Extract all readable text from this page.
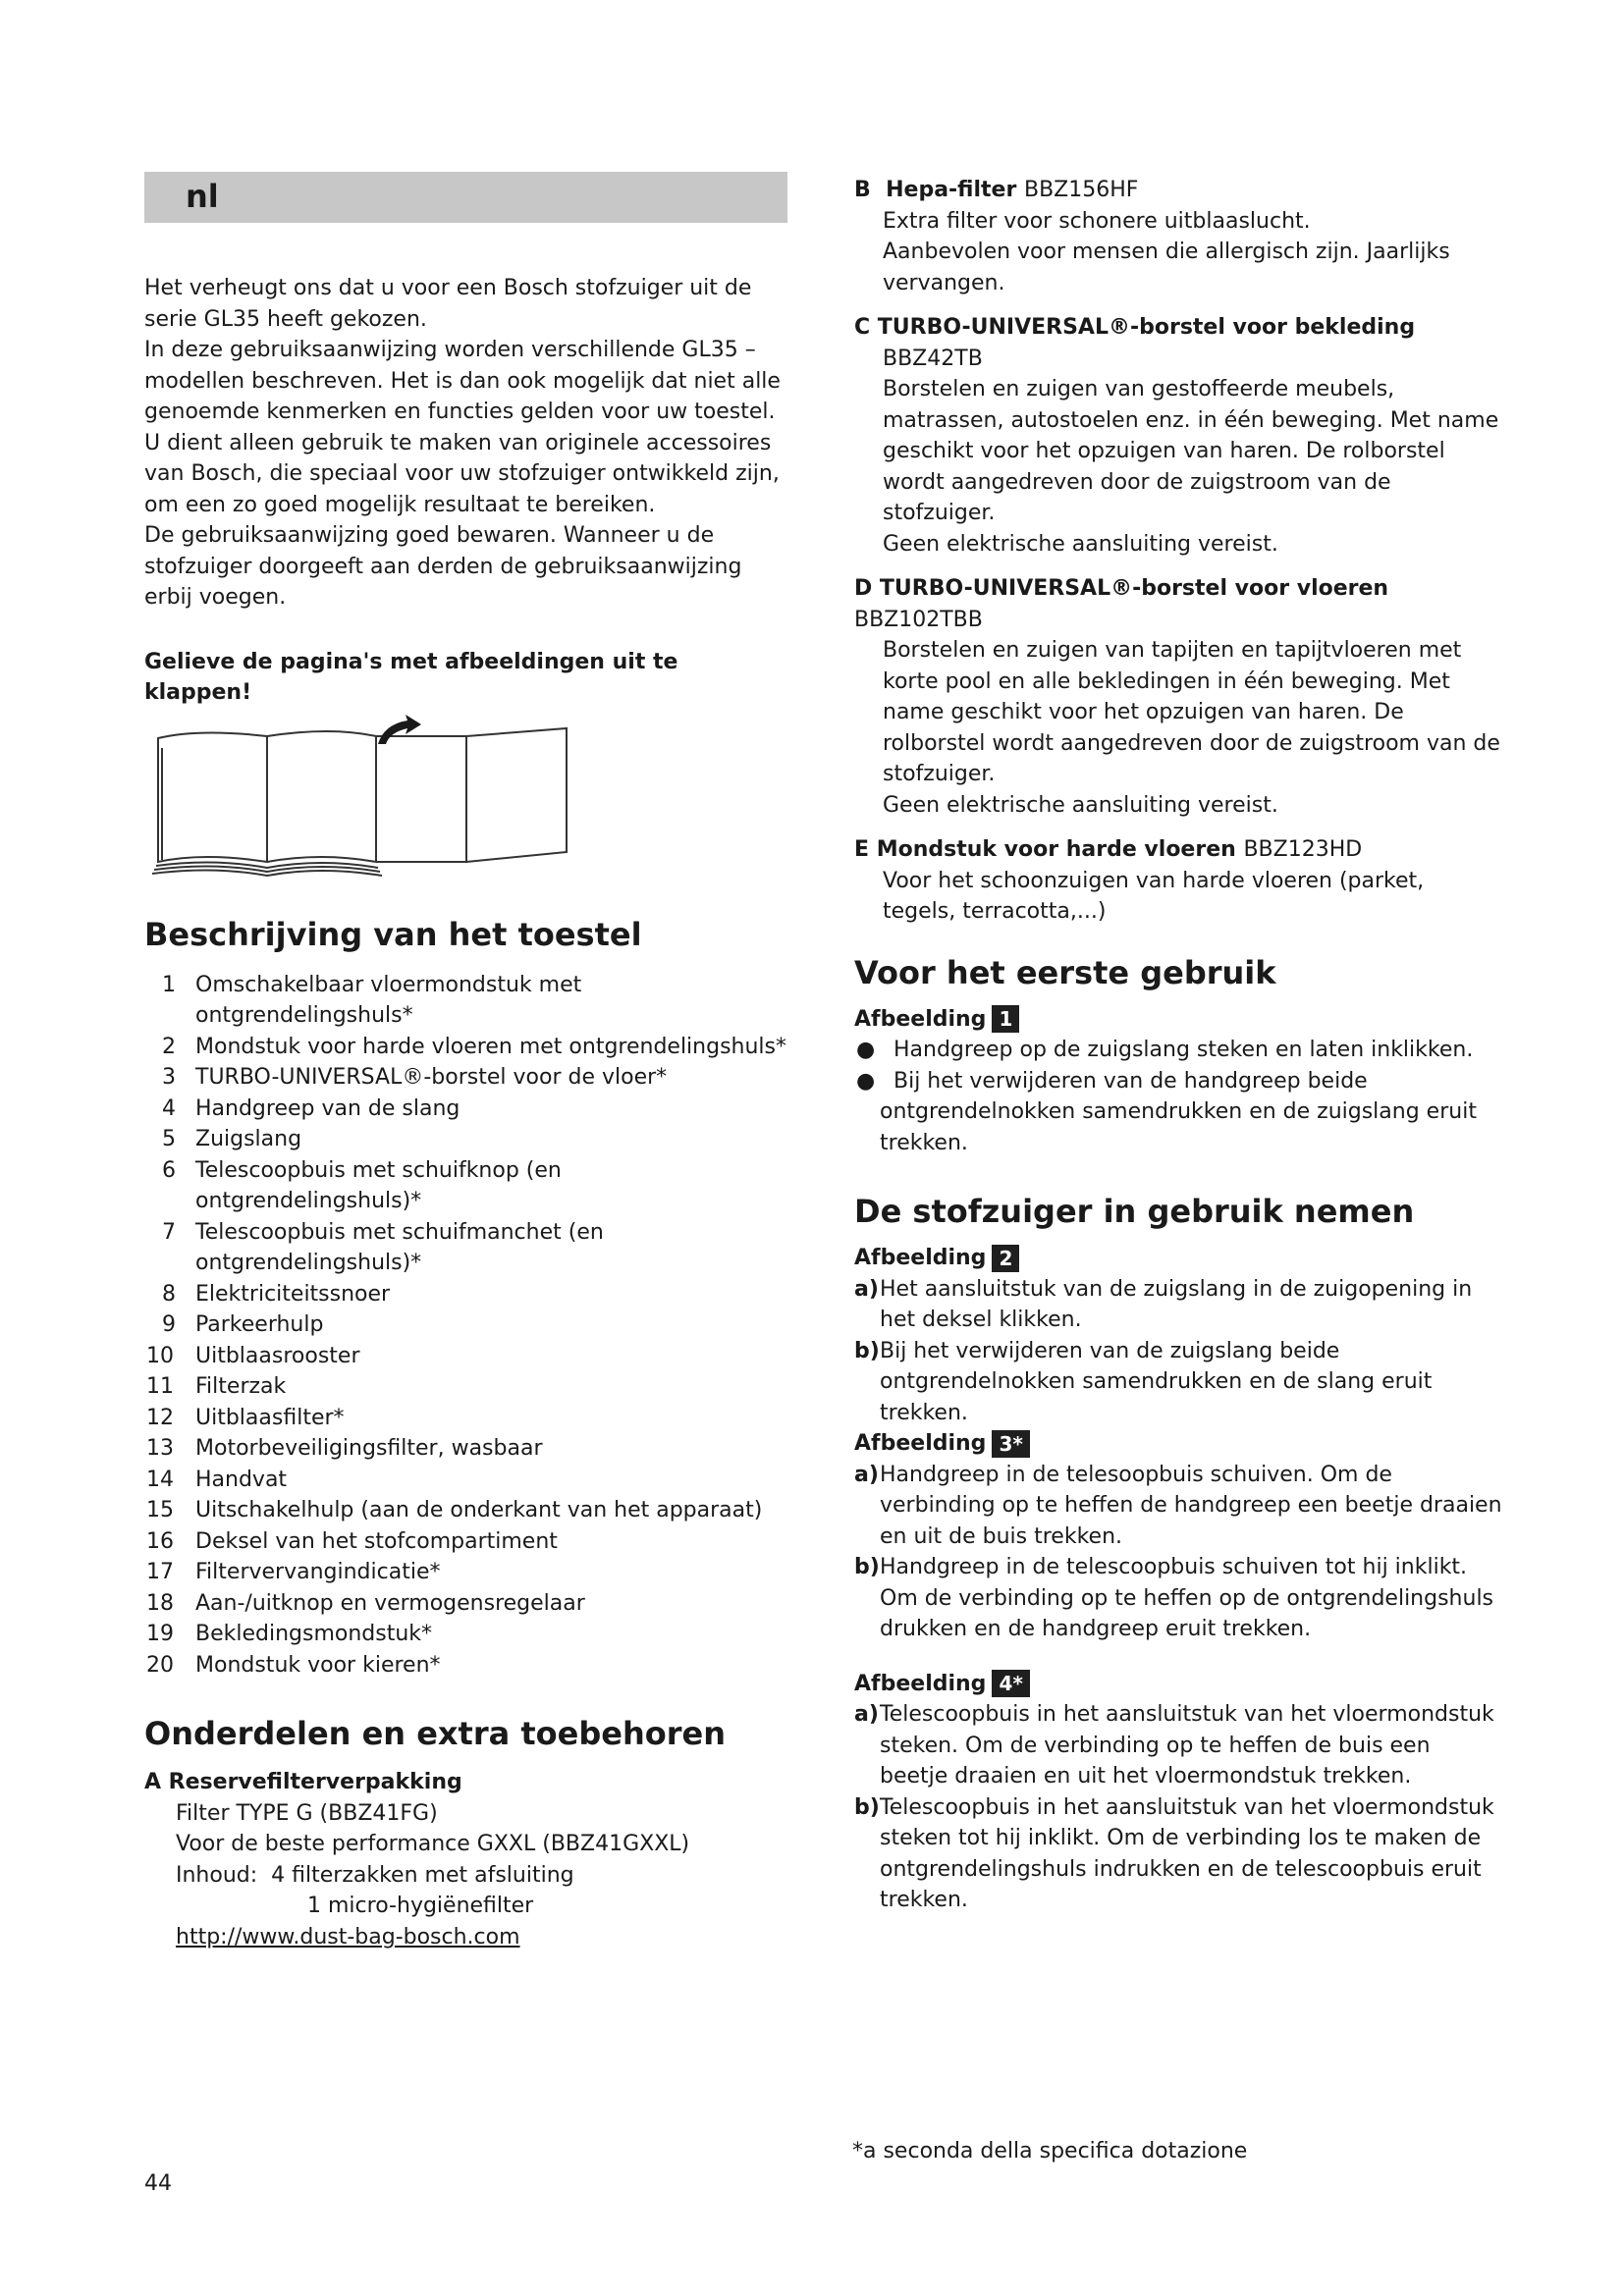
nl

Het verheugt ons dat u voor een Bosch stofzuiger uit de serie GL35 heeft gekozen.

In deze gebruiksaanwijzing worden verschillende GL35 – modellen beschreven. Het is dan ook mogelijk dat niet alle genoemde kenmerken en functies gelden voor uw toestel. U dient alleen gebruik te maken van originele accessoires van Bosch, die speciaal voor uw stofzuiger ontwikkeld zijn, om een zo goed mogelijk resultaat te bereiken.

De gebruiksaanwijzing goed bewaren. Wanneer u de stofzuiger doorgeeft aan derden de gebruiksaanwijzing erbij voegen.

Gelieve de pagina's met afbeeldingen uit te klappen!

Beschrijving van het toestel
1 Omschakelbaar vloermondstuk met ontgrendelingshuls*
2 Mondstuk voor harde vloeren met ontgrendelingshuls*
3 TURBO-UNIVERSAL®-borstel voor de vloer*
4 Handgreep van de slang
5 Zuigslang
6 Telescoopbuis met schuifknop (en ontgrendelingshuls)*
7 Telescoopbuis met schuifmanchet (en ontgrendelingshuls)*
8 Elektriciteitssnoer
9 Parkeerhulp
10 Uitblaasrooster
11 Filterzak
12 Uitblaasfilter*
13 Motorbeveiligingsfilter, wasbaar
14 Handvat
15 Uitschakelhulp (aan de onderkant van het apparaat)
16 Deksel van het stofcompartiment
17 Filtervervangindicatie*
18 Aan-/uitknop en vermogensregelaar
19 Bekledingsmondstuk*
20 Mondstuk voor kieren*
Onderdelen en extra toebehoren
A Reservefilterverpakking

Filter TYPE G (BBZ41FG)

Voor de beste performance GXXL (BBZ41GXXL)

Inhoud: 4 filterzakken met afsluiting

1 micro-hygiënefilter

http://www.dust-bag-bosch.com

B Hepa-filter BBZ156HF

Extra filter voor schonere uitblaaslucht.

Aanbevolen voor mensen die allergisch zijn. Jaarlijks vervangen.

C TURBO-UNIVERSAL®-borstel voor bekleding

BBZ42TB

Borstelen en zuigen van gestoffeerde meubels, matrassen, autostoelen enz. in één beweging. Met name geschikt voor het opzuigen van haren. De rolborstel wordt aangedreven door de zuigstroom van de stofzuiger.

Geen elektrische aansluiting vereist.

D TURBO-UNIVERSAL®-borstel voor vloeren

BBZ102TBB

Borstelen en zuigen van tapijten en tapijtvloeren met korte pool en alle bekledingen in één beweging. Met name geschikt voor het opzuigen van haren. De rolborstel wordt aangedreven door de zuigstroom van de stofzuiger.

Geen elektrische aansluiting vereist.

E Mondstuk voor harde vloeren BBZ123HD

Voor het schoonzuigen van harde vloeren (parket, tegels, terracotta,...)

Voor het eerste gebruik
Afbeelding 1
● Handgreep op de zuigslang steken en laten inklikken.
● Bij het verwijderen van de handgreep beide ontgrendelnokken samendrukken en de zuigslang eruit trekken.
De stofzuiger in gebruik nemen
Afbeelding 2
a) Het aansluitstuk van de zuigslang in de zuigopening in het deksel klikken.
b) Bij het verwijderen van de zuigslang beide ontgrendelnokken samendrukken en de slang eruit trekken.
Afbeelding 3*
a) Handgreep in de telesoopbuis schuiven. Om de verbinding op te heffen de handgreep een beetje draaien en uit de buis trekken.
b) Handgreep in de telescoopbuis schuiven tot hij inklikt. Om de verbinding op te heffen op de ontgrendelingshuls drukken en de handgreep eruit trekken.
Afbeelding 4*
a) Telescoopbuis in het aansluitstuk van het vloermondstuk steken. Om de verbinding op te heffen de buis een beetje draaien en uit het vloermondstuk trekken.
b) Telescoopbuis in het aansluitstuk van het vloermondstuk steken tot hij inklikt. Om de verbinding los te maken de ontgrendelingshuls indrukken en de telescoopbuis eruit trekken.
*a seconda della specifica dotazione
44
